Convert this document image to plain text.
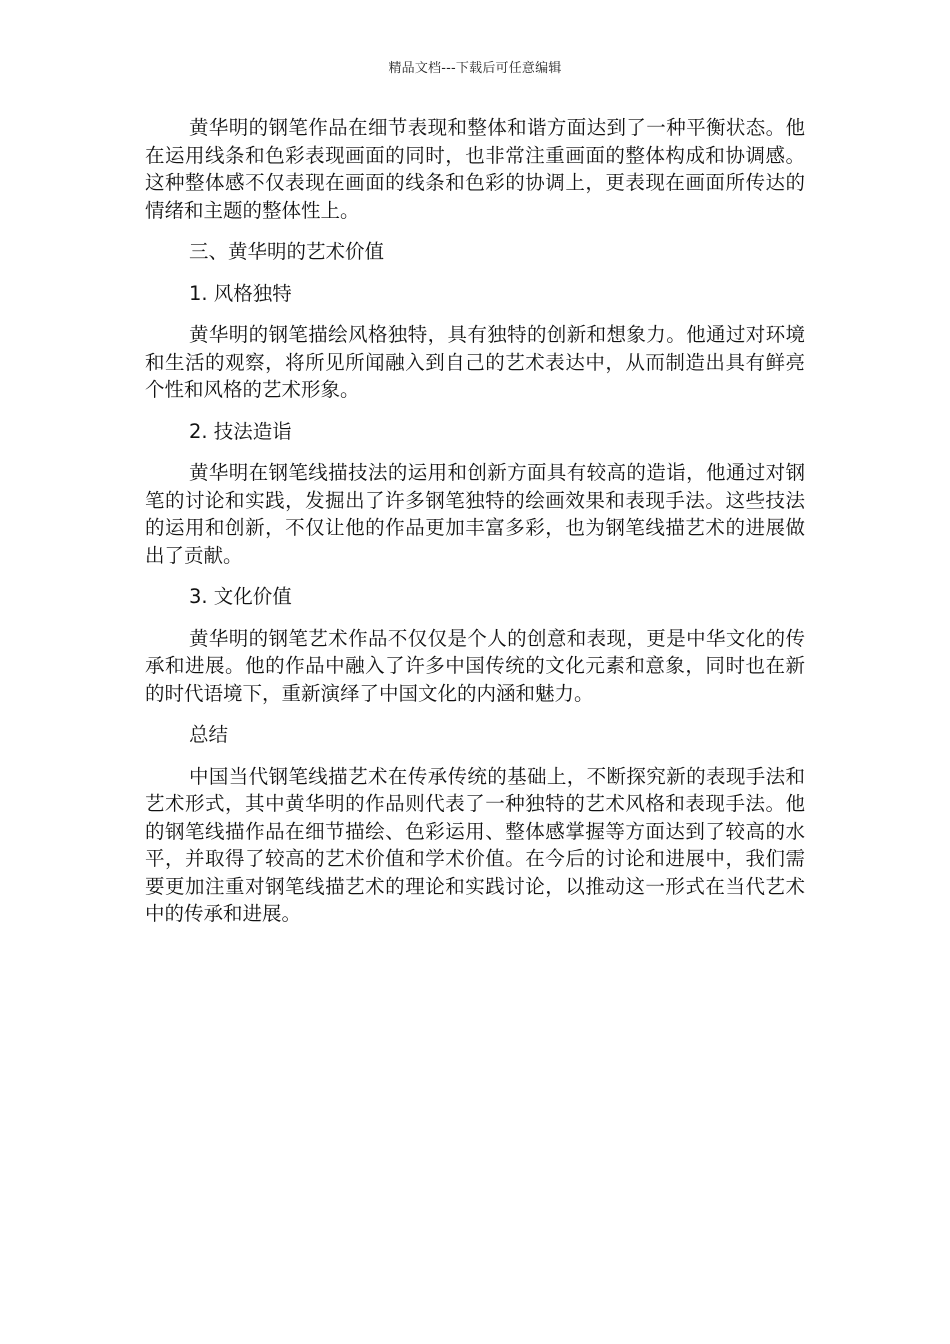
精品文档---下载后可任意编辑

黄华明的钢笔作品在细节表现和整体和谐方面达到了一种平衡状态。他在运用线条和色彩表现画面的同时，也非常注重画面的整体构成和协调感。这种整体感不仅表现在画面的线条和色彩的协调上，更表现在画面所传达的情绪和主题的整体性上。

三、黄华明的艺术价值

1. 风格独特

黄华明的钢笔描绘风格独特，具有独特的创新和想象力。他通过对环境和生活的观察，将所见所闻融入到自己的艺术表达中，从而制造出具有鲜亮个性和风格的艺术形象。

2. 技法造诣

黄华明在钢笔线描技法的运用和创新方面具有较高的造诣，他通过对钢笔的讨论和实践，发掘出了许多钢笔独特的绘画效果和表现手法。这些技法的运用和创新，不仅让他的作品更加丰富多彩，也为钢笔线描艺术的进展做出了贡献。

3. 文化价值

黄华明的钢笔艺术作品不仅仅是个人的创意和表现，更是中华文化的传承和进展。他的作品中融入了许多中国传统的文化元素和意象，同时也在新的时代语境下，重新演绎了中国文化的内涵和魅力。

总结

中国当代钢笔线描艺术在传承传统的基础上，不断探究新的表现手法和艺术形式，其中黄华明的作品则代表了一种独特的艺术风格和表现手法。他的钢笔线描作品在细节描绘、色彩运用、整体感掌握等方面达到了较高的水平，并取得了较高的艺术价值和学术价值。在今后的讨论和进展中，我们需要更加注重对钢笔线描艺术的理论和实践讨论，以推动这一形式在当代艺术中的传承和进展。
